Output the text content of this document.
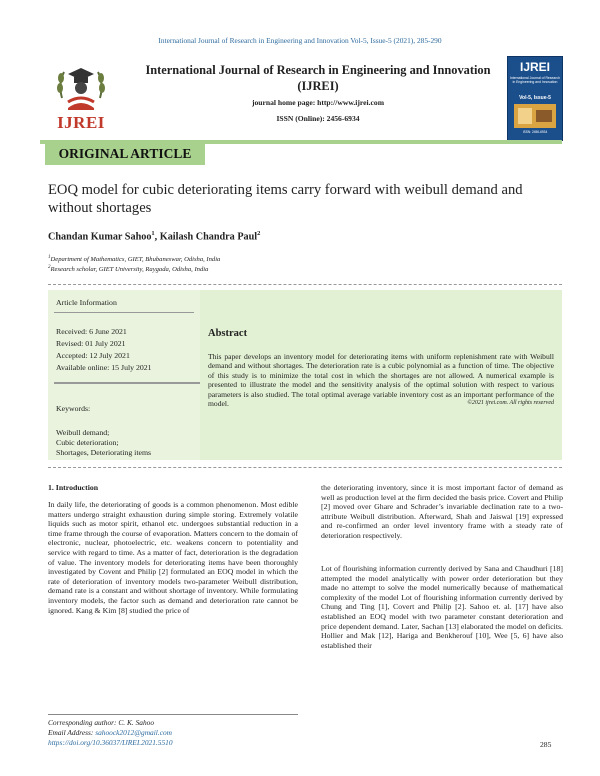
International Journal of Research in Engineering and Innovation Vol-5, Issue-5 (2021), 285-290
IJREI
International Journal of Research in Engineering and Innovation
(IJREI)
journal home page: http://www.ijrei.com
ISSN (Online): 2456-6934
IJREI
International Journal of Research in Engineering and Innovation
Vol-5, Issue-5
ISSN: 2456-6934
ORIGINAL ARTICLE
EOQ model for cubic deteriorating items carry forward with weibull demand and without shortages
Chandan Kumar Sahoo$^1$, Kailash Chandra Paul$^2$
$^1$Department of Mathematics, GIET, Bhubaneswar, Odisha, India
$^2$Research scholar, GIET University, Raygada, Odisha, India
Article Information
Received: 6 June 2021
Revised: 01 July 2021
Accepted: 12 July 2021
Available online: 15 July 2021
Keywords:
Weibull demand;
Cubic deterioration;
Shortages, Deteriorating items
Abstract
This paper develops an inventory model for deteriorating items with uniform replenishment rate with Weibull demand and without shortages. The deterioration rate is a cubic polynomial as a function of time. The objective of this study is to minimize the total cost in which the shortages are not allowed. A numerical example is presented to illustrate the model and the sensitivity analysis of the optimal solution with respect to various parameters is also studied. The total optimal average variable inventory cost as an important performance of the model.	©2021 ijrei.com. All rights reserved
1. Introduction
In daily life, the deteriorating of goods is a common phenomenon. Most edible matters undergo straight exhaustion during simple storing. Extremely volatile liquids such as motor spirit, ethanol etc. undergoes substantial reduction in a time frame through the course of evaporation. Matters concern to the domain of electronic, nuclear, photoelectric, etc. weakens concern to potentiality and service with regard to time. As a matter of fact, deterioration is the degradation of value. The inventory models for deteriorating items have been thoroughly investigated by Covent and Philip [2] formulated an EOQ model in which the rate of deterioration of inventory models two-parameter Weibull distribution, demand rate is a constant and without shortage of inventory. While formulating inventory models, the factor such as demand and deterioration rate cannot be ignored. Kang & Kim [8] studied the price of
the deteriorating inventory, since it is most important factor of demand as well as production level at the firm decided the basis price. Covert and Philip [2] moved over Ghare and Schrader’s invariable declination rate to a two-attribute Weibull distribution. Afterward, Shah and Jaiswal [19] expressed and re-confirmed an order level inventory frame with a steady rate of deterioration respectively.
Lot of flourishing information currently derived by Sana and Chaudhuri [18] attempted the model analytically with power order deterioration but they made no attempt to solve the model numerically because of mathematical complexity of the model Lot of flourishing information currently derived by Chung and Ting [1], Covert and Philip [2]. Sahoo et. al. [17] have also established an EOQ model with two parameter constant deterioration and price dependent demand. Later, Sachan [13] elaborated the model on deficits. Hollier and Mak [12], Hariga and Benkherouf [10], Wee [5, 6] have also established their
Corresponding author: C. K. Sahoo
Email Address: sahoock2012@gmail.com
https://doi.org/10.36037/IJREI.2021.5510	285
